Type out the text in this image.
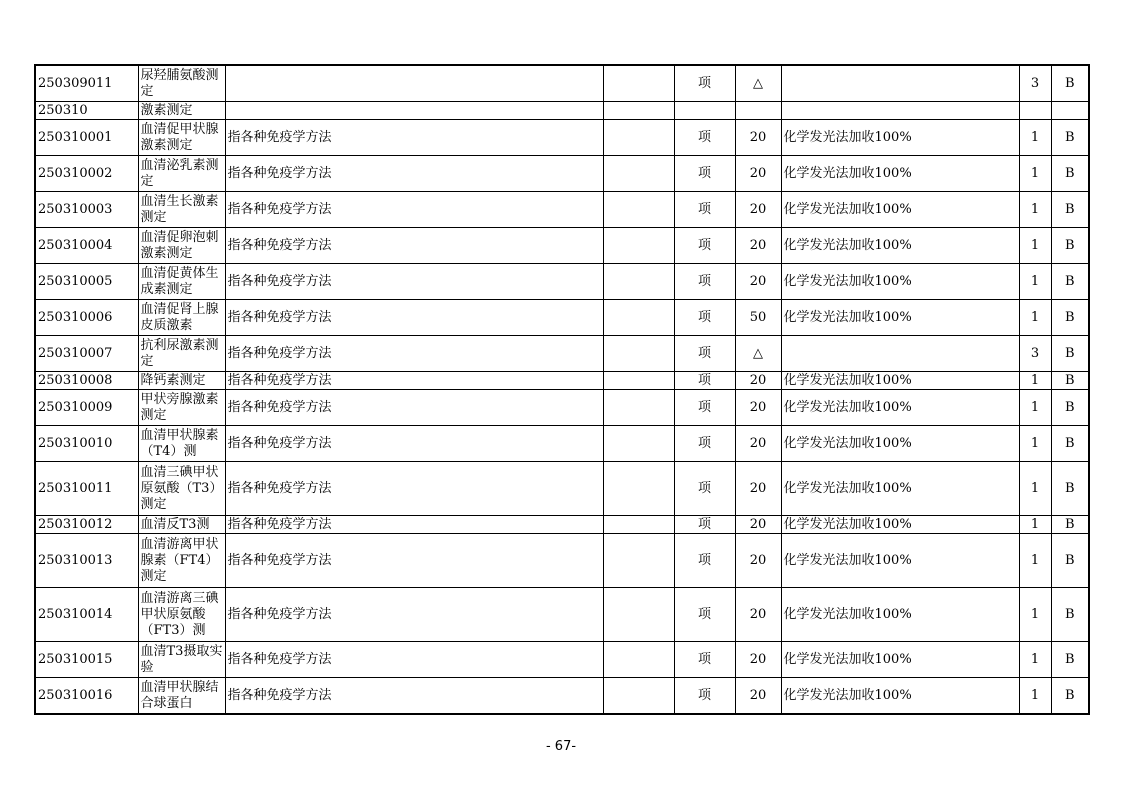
250309011	尿羟脯氨酸测定			项	△		3	B
250310	激素测定							
250310001	血清促甲状腺激素测定	指各种免疫学方法		项	20	化学发光法加收100%	1	B
250310002	血清泌乳素测定	指各种免疫学方法		项	20	化学发光法加收100%	1	B
250310003	血清生长激素测定	指各种免疫学方法		项	20	化学发光法加收100%	1	B
250310004	血清促卵泡刺激素测定	指各种免疫学方法		项	20	化学发光法加收100%	1	B
250310005	血清促黄体生成素测定	指各种免疫学方法		项	20	化学发光法加收100%	1	B
250310006	血清促肾上腺皮质激素	指各种免疫学方法		项	50	化学发光法加收100%	1	B
250310007	抗利尿激素测定	指各种免疫学方法		项	△		3	B
250310008	降钙素测定	指各种免疫学方法		项	20	化学发光法加收100%	1	B
250310009	甲状旁腺激素测定	指各种免疫学方法		项	20	化学发光法加收100%	1	B
250310010	血清甲状腺素（T4）测	指各种免疫学方法		项	20	化学发光法加收100%	1	B
250310011	血清三碘甲状原氨酸（T3）测定	指各种免疫学方法		项	20	化学发光法加收100%	1	B
250310012	血清反T3测	指各种免疫学方法		项	20	化学发光法加收100%	1	B
250310013	血清游离甲状腺素（FT4）测定	指各种免疫学方法		项	20	化学发光法加收100%	1	B
250310014	血清游离三碘甲状原氨酸（FT3）测	指各种免疫学方法		项	20	化学发光法加收100%	1	B
250310015	血清T3摄取实验	指各种免疫学方法		项	20	化学发光法加收100%	1	B
250310016	血清甲状腺结合球蛋白	指各种免疫学方法		项	20	化学发光法加收100%	1	B
- 67-
